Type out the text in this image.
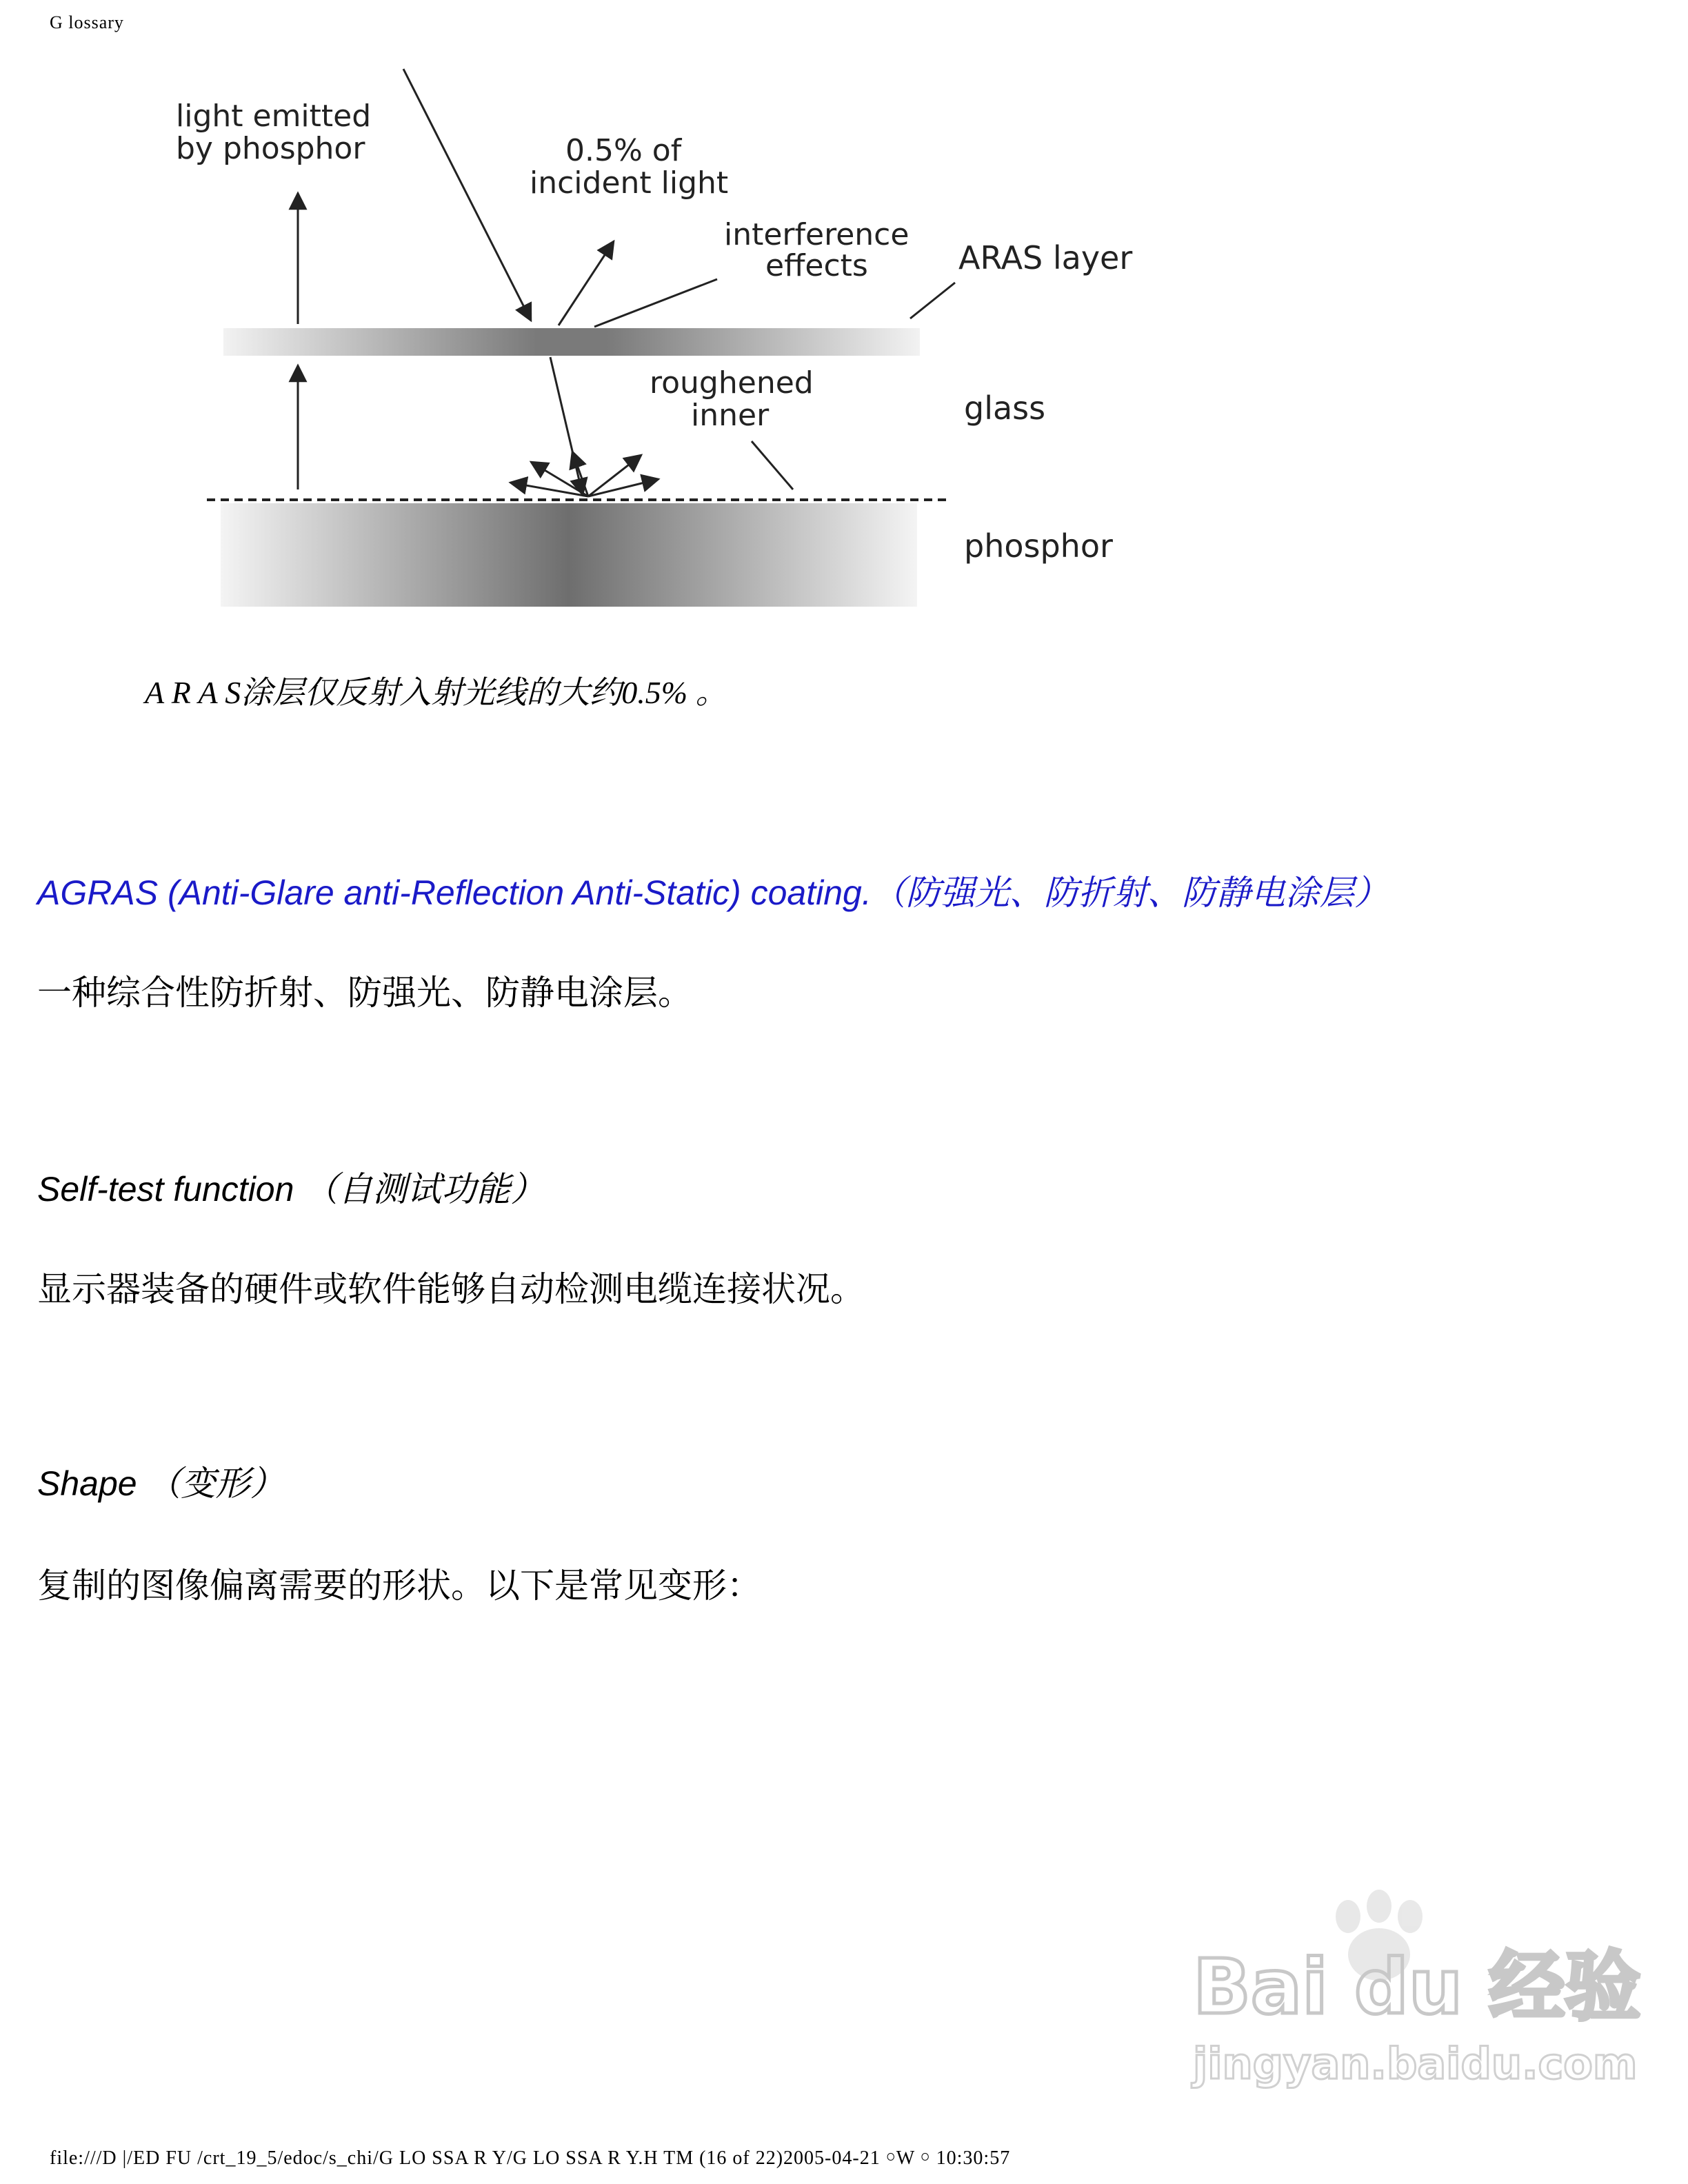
G lossary
light emitted
by phosphor	0.5% of
incident light
interference
effects	ARAS layer
roughened
inner	glass
phosphor
A R A S涂层仅反射入射光线的大约0.5% 。
AGRAS (Anti-Glare anti-Reflection Anti-Static) coating.（防强光、防折射、防静电涂层）
一种综合性防折射、防强光、防静电涂层。
Self-test function （自测试功能）
显示器装备的硬件或软件能够自动检测电缆连接状况。
Shape （变形）
复制的图像偏离需要的形状。以下是常见变形：
Bai du 经验
jingyan.baidu.com
file:///D |/ED FU /crt_19_5/edoc/s_chi/G LO SSA R Y/G LO SSA R Y.H TM (16 of 22)2005-04-21 ￮W ￮ 10:30:57
